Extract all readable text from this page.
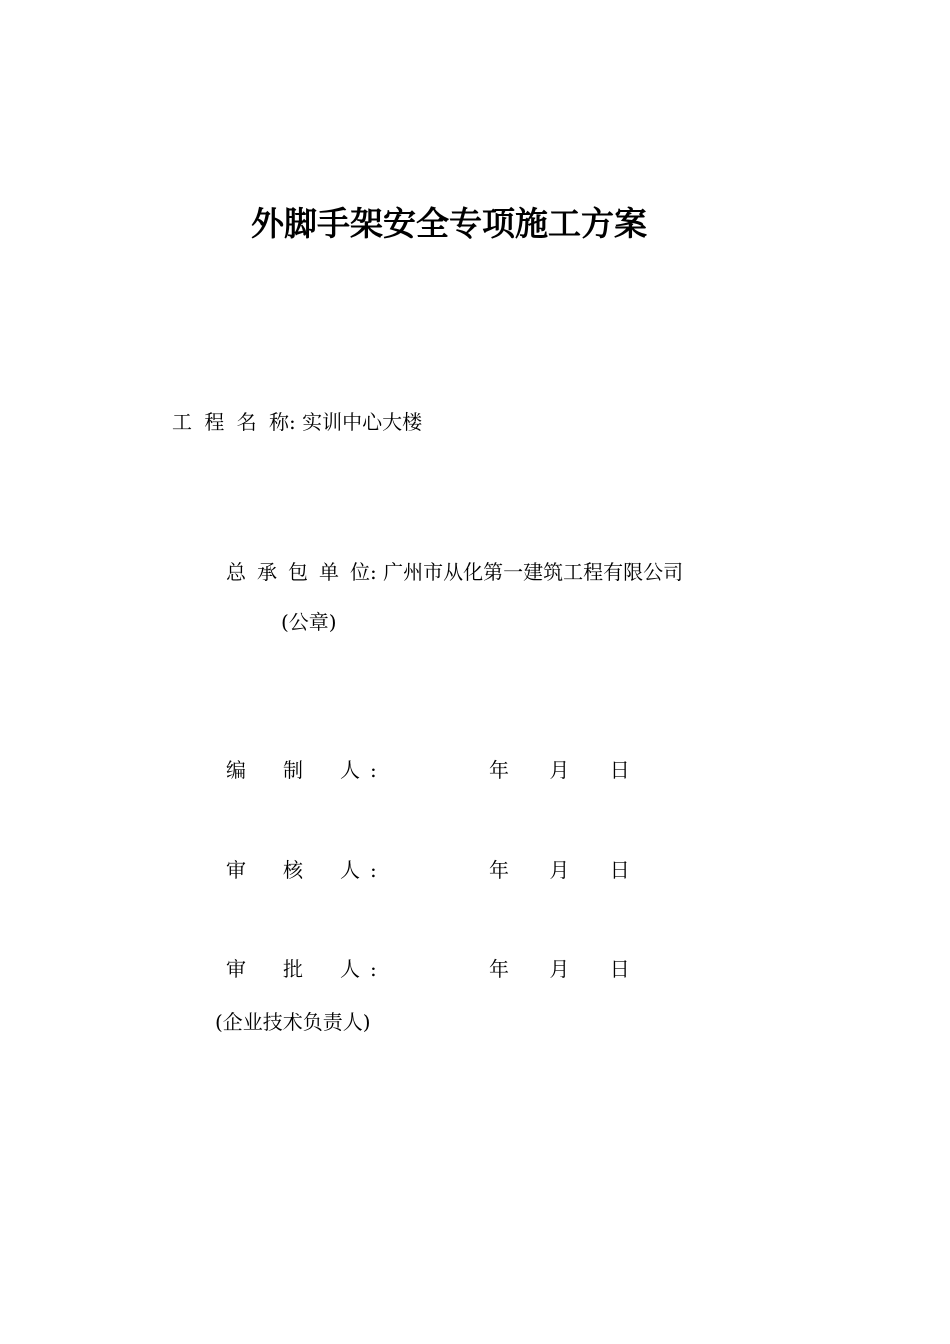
外脚手架安全专项施工方案
工 程 名 称 : 实训中心大楼
总 承 包 单 位 : 广州市从化第一建筑工程有限公司
(公章)
编 制 人 :	年 月 日
审 核 人 :	年 月 日
审 批 人 :	年 月 日
(企业技术负责人)
